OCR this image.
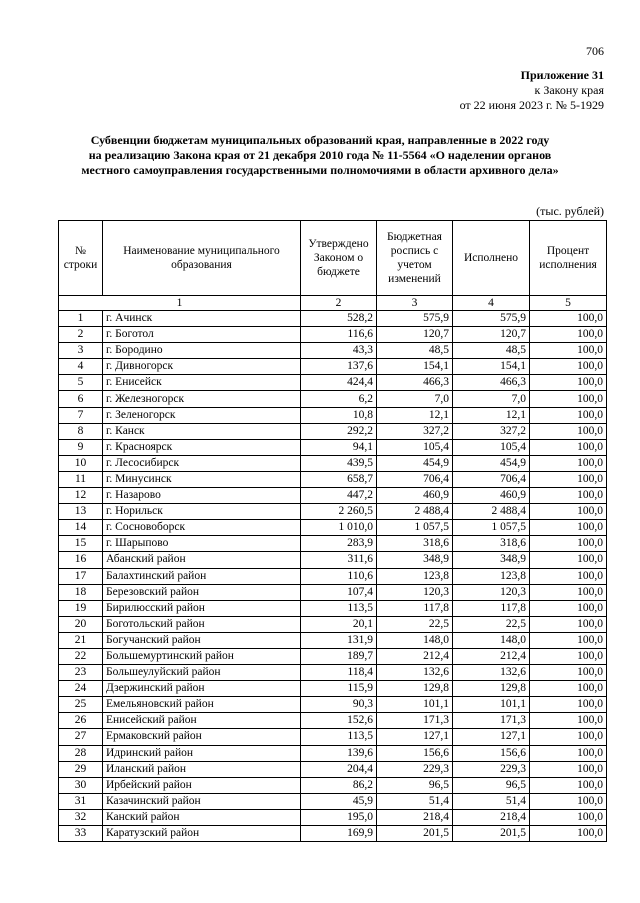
706
Приложение 31
к Закону края
от 22 июня 2023 г. № 5-1929
Субвенции бюджетам муниципальных образований края, направленные в 2022 году
на реализацию Закона края от 21 декабря 2010 года № 11-5564 «О наделении органов
местного самоуправления государственными полномочиями в области архивного дела»
(тыс. рублей)
№ строки	Наименование муниципального образования	Утверждено Законом о бюджете	Бюджетная роспись с учетом изменений	Исполнено	Процент исполнения
1		2	3	4	5
1	г. Ачинск	528,2	575,9	575,9	100,0
2	г. Боготол	116,6	120,7	120,7	100,0
3	г. Бородино	43,3	48,5	48,5	100,0
4	г. Дивногорск	137,6	154,1	154,1	100,0
5	г. Енисейск	424,4	466,3	466,3	100,0
6	г. Железногорск	6,2	7,0	7,0	100,0
7	г. Зеленогорск	10,8	12,1	12,1	100,0
8	г. Канск	292,2	327,2	327,2	100,0
9	г. Красноярск	94,1	105,4	105,4	100,0
10	г. Лесосибирск	439,5	454,9	454,9	100,0
11	г. Минусинск	658,7	706,4	706,4	100,0
12	г. Назарово	447,2	460,9	460,9	100,0
13	г. Норильск	2 260,5	2 488,4	2 488,4	100,0
14	г. Сосновоборск	1 010,0	1 057,5	1 057,5	100,0
15	г. Шарыпово	283,9	318,6	318,6	100,0
16	Абанский район	311,6	348,9	348,9	100,0
17	Балахтинский район	110,6	123,8	123,8	100,0
18	Березовский район	107,4	120,3	120,3	100,0
19	Бирилюсский район	113,5	117,8	117,8	100,0
20	Боготольский район	20,1	22,5	22,5	100,0
21	Богучанский район	131,9	148,0	148,0	100,0
22	Большемуртинский район	189,7	212,4	212,4	100,0
23	Большеулуйский район	118,4	132,6	132,6	100,0
24	Дзержинский район	115,9	129,8	129,8	100,0
25	Емельяновский район	90,3	101,1	101,1	100,0
26	Енисейский район	152,6	171,3	171,3	100,0
27	Ермаковский район	113,5	127,1	127,1	100,0
28	Идринский район	139,6	156,6	156,6	100,0
29	Иланский район	204,4	229,3	229,3	100,0
30	Ирбейский район	86,2	96,5	96,5	100,0
31	Казачинский район	45,9	51,4	51,4	100,0
32	Канский район	195,0	218,4	218,4	100,0
33	Каратузский район	169,9	201,5	201,5	100,0
